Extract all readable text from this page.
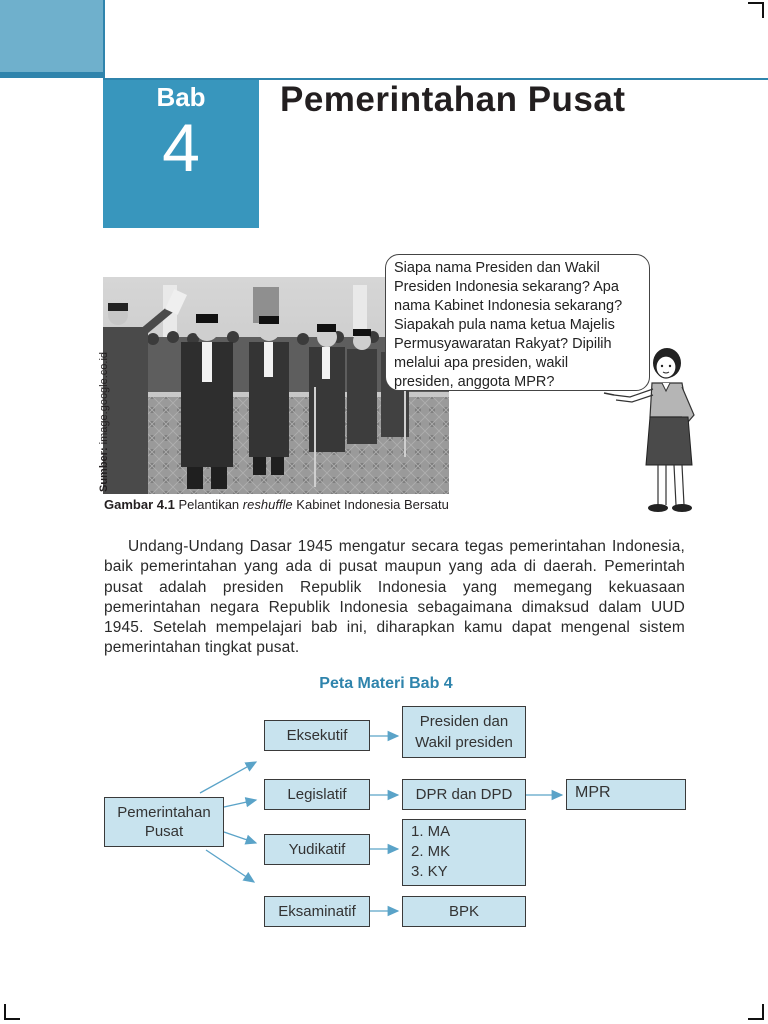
Bab
4
Pemerintahan Pusat
Sumber: image.google.co.id
Gambar 4.1 Pelantikan reshuffle Kabinet Indonesia Bersatu
Siapa nama Presiden dan Wakil
Presiden Indonesia sekarang? Apa
nama Kabinet Indonesia sekarang?
Siapakah pula nama ketua Majelis
Permusyawaratan Rakyat? Dipilih
melalui apa presiden, wakil
presiden, anggota MPR?

Undang-Undang Dasar 1945 mengatur secara tegas pemerintahan Indonesia, baik pemerintahan yang ada di pusat maupun yang ada di daerah. Pemerintah pusat adalah presiden Republik Indonesia yang memegang kekuasaan pemerintahan negara Republik Indonesia sebagaimana dimaksud dalam UUD 1945. Setelah mempelajari bab ini, diharapkan kamu dapat mengenal sistem pemerintahan tingkat pusat.

Peta Materi Bab 4
Pemerintahan
Pusat
Eksekutif
Legislatif
Yudikatif
Eksaminatif
Presiden dan
Wakil presiden
DPR dan DPD	MPR
1. MA
2. MK
3. KY
BPK
